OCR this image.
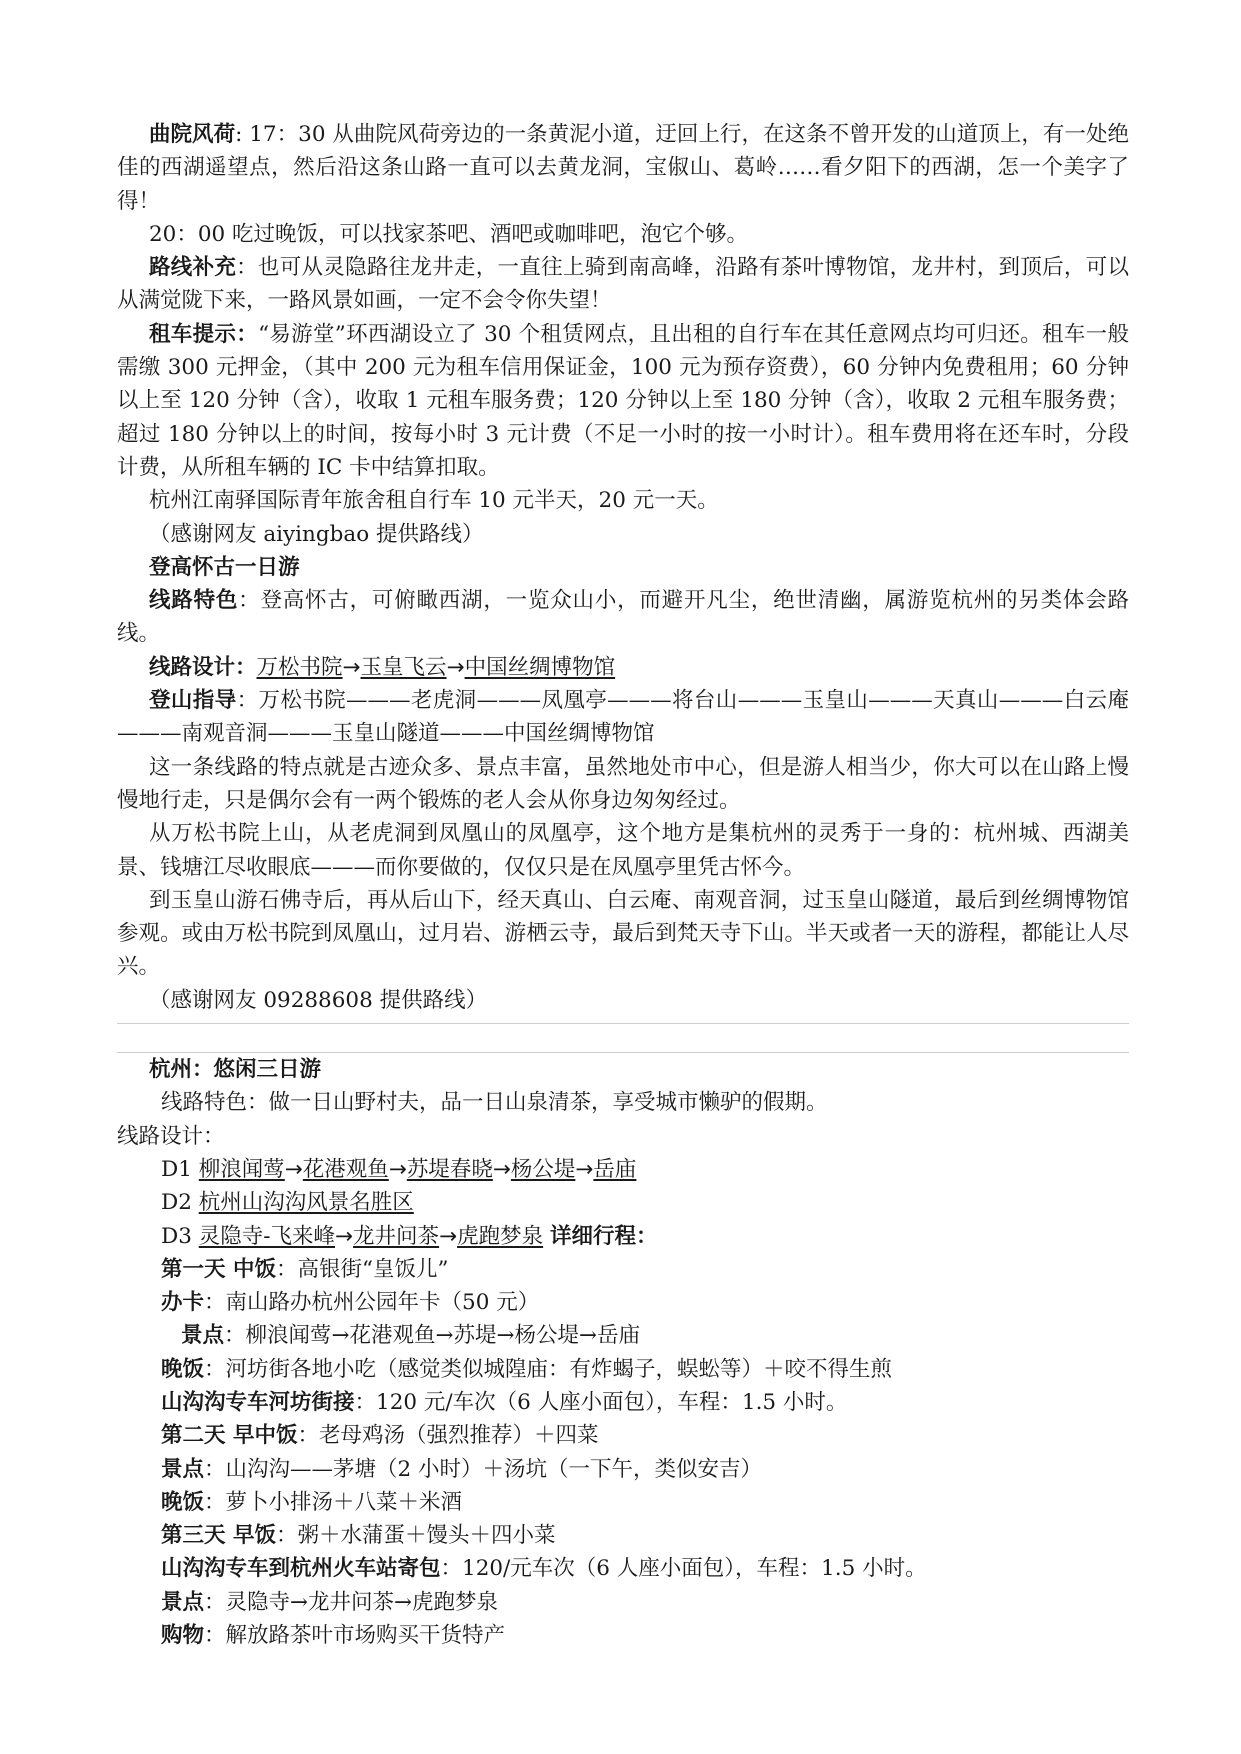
曲院风荷: 17：30 从曲院风荷旁边的一条黄泥小道，迂回上行，在这条不曾开发的山道顶上，有一处绝佳的西湖遥望点，然后沿这条山路一直可以去黄龙洞，宝俶山、葛岭……看夕阳下的西湖，怎一个美字了得！

20：00 吃过晚饭，可以找家茶吧、酒吧或咖啡吧，泡它个够。

路线补充：也可从灵隐路往龙井走，一直往上骑到南高峰，沿路有茶叶博物馆，龙井村，到顶后，可以从满觉陇下来，一路风景如画，一定不会令你失望！

租车提示：“易游堂”环西湖设立了 30 个租赁网点，且出租的自行车在其任意网点均可归还。租车一般需缴 300 元押金，（其中 200 元为租车信用保证金，100 元为预存资费），60 分钟内免费租用；60 分钟以上至 120 分钟（含），收取 1 元租车服务费；120 分钟以上至 180 分钟（含），收取 2 元租车服务费；超过 180 分钟以上的时间，按每小时 3 元计费（不足一小时的按一小时计）。租车费用将在还车时，分段计费，从所租车辆的 IC 卡中结算扣取。

杭州江南驿国际青年旅舍租自行车 10 元半天，20 元一天。

（感谢网友 aiyingbao 提供路线）

登高怀古一日游

线路特色：登高怀古，可俯瞰西湖，一览众山小，而避开凡尘，绝世清幽，属游览杭州的另类体会路线。

线路设计：万松书院→玉皇飞云→中国丝绸博物馆

登山指导：万松书院———老虎洞———凤凰亭———将台山———玉皇山———天真山———白云庵———南观音洞———玉皇山隧道———中国丝绸博物馆

这一条线路的特点就是古迹众多、景点丰富，虽然地处市中心，但是游人相当少，你大可以在山路上慢慢地行走，只是偶尔会有一两个锻炼的老人会从你身边匆匆经过。

从万松书院上山，从老虎洞到凤凰山的凤凰亭，这个地方是集杭州的灵秀于一身的：杭州城、西湖美景、钱塘江尽收眼底———而你要做的，仅仅只是在凤凰亭里凭古怀今。

到玉皇山游石佛寺后，再从后山下，经天真山、白云庵、南观音洞，过玉皇山隧道，最后到丝绸博物馆参观。或由万松书院到凤凰山，过月岩、游栖云寺，最后到梵天寺下山。半天或者一天的游程，都能让人尽兴。

（感谢网友 09288608 提供路线）

杭州：悠闲三日游

线路特色：做一日山野村夫，品一日山泉清茶，享受城市懒驴的假期。

线路设计：

D1 柳浪闻莺→花港观鱼→苏堤春晓→杨公堤→岳庙

D2 杭州山沟沟风景名胜区

D3 灵隐寺-飞来峰→龙井问茶→虎跑梦泉 详细行程：

第一天 中饭：高银街“皇饭儿”

办卡：南山路办杭州公园年卡（50 元）

景点：柳浪闻莺→花港观鱼→苏堤→杨公堤→岳庙

晚饭：河坊街各地小吃（感觉类似城隍庙：有炸蝎子，蜈蚣等）＋咬不得生煎

山沟沟专车河坊街接：120 元/车次（6 人座小面包），车程：1.5 小时。

第二天 早中饭：老母鸡汤（强烈推荐）＋四菜

景点：山沟沟——茅塘（2 小时）＋汤坑（一下午，类似安吉）

晚饭：萝卜小排汤＋八菜＋米酒

第三天 早饭：粥＋水蒲蛋＋馒头＋四小菜

山沟沟专车到杭州火车站寄包：120/元车次（6 人座小面包），车程：1.5 小时。

景点：灵隐寺→龙井问茶→虎跑梦泉

购物：解放路茶叶市场购买干货特产
